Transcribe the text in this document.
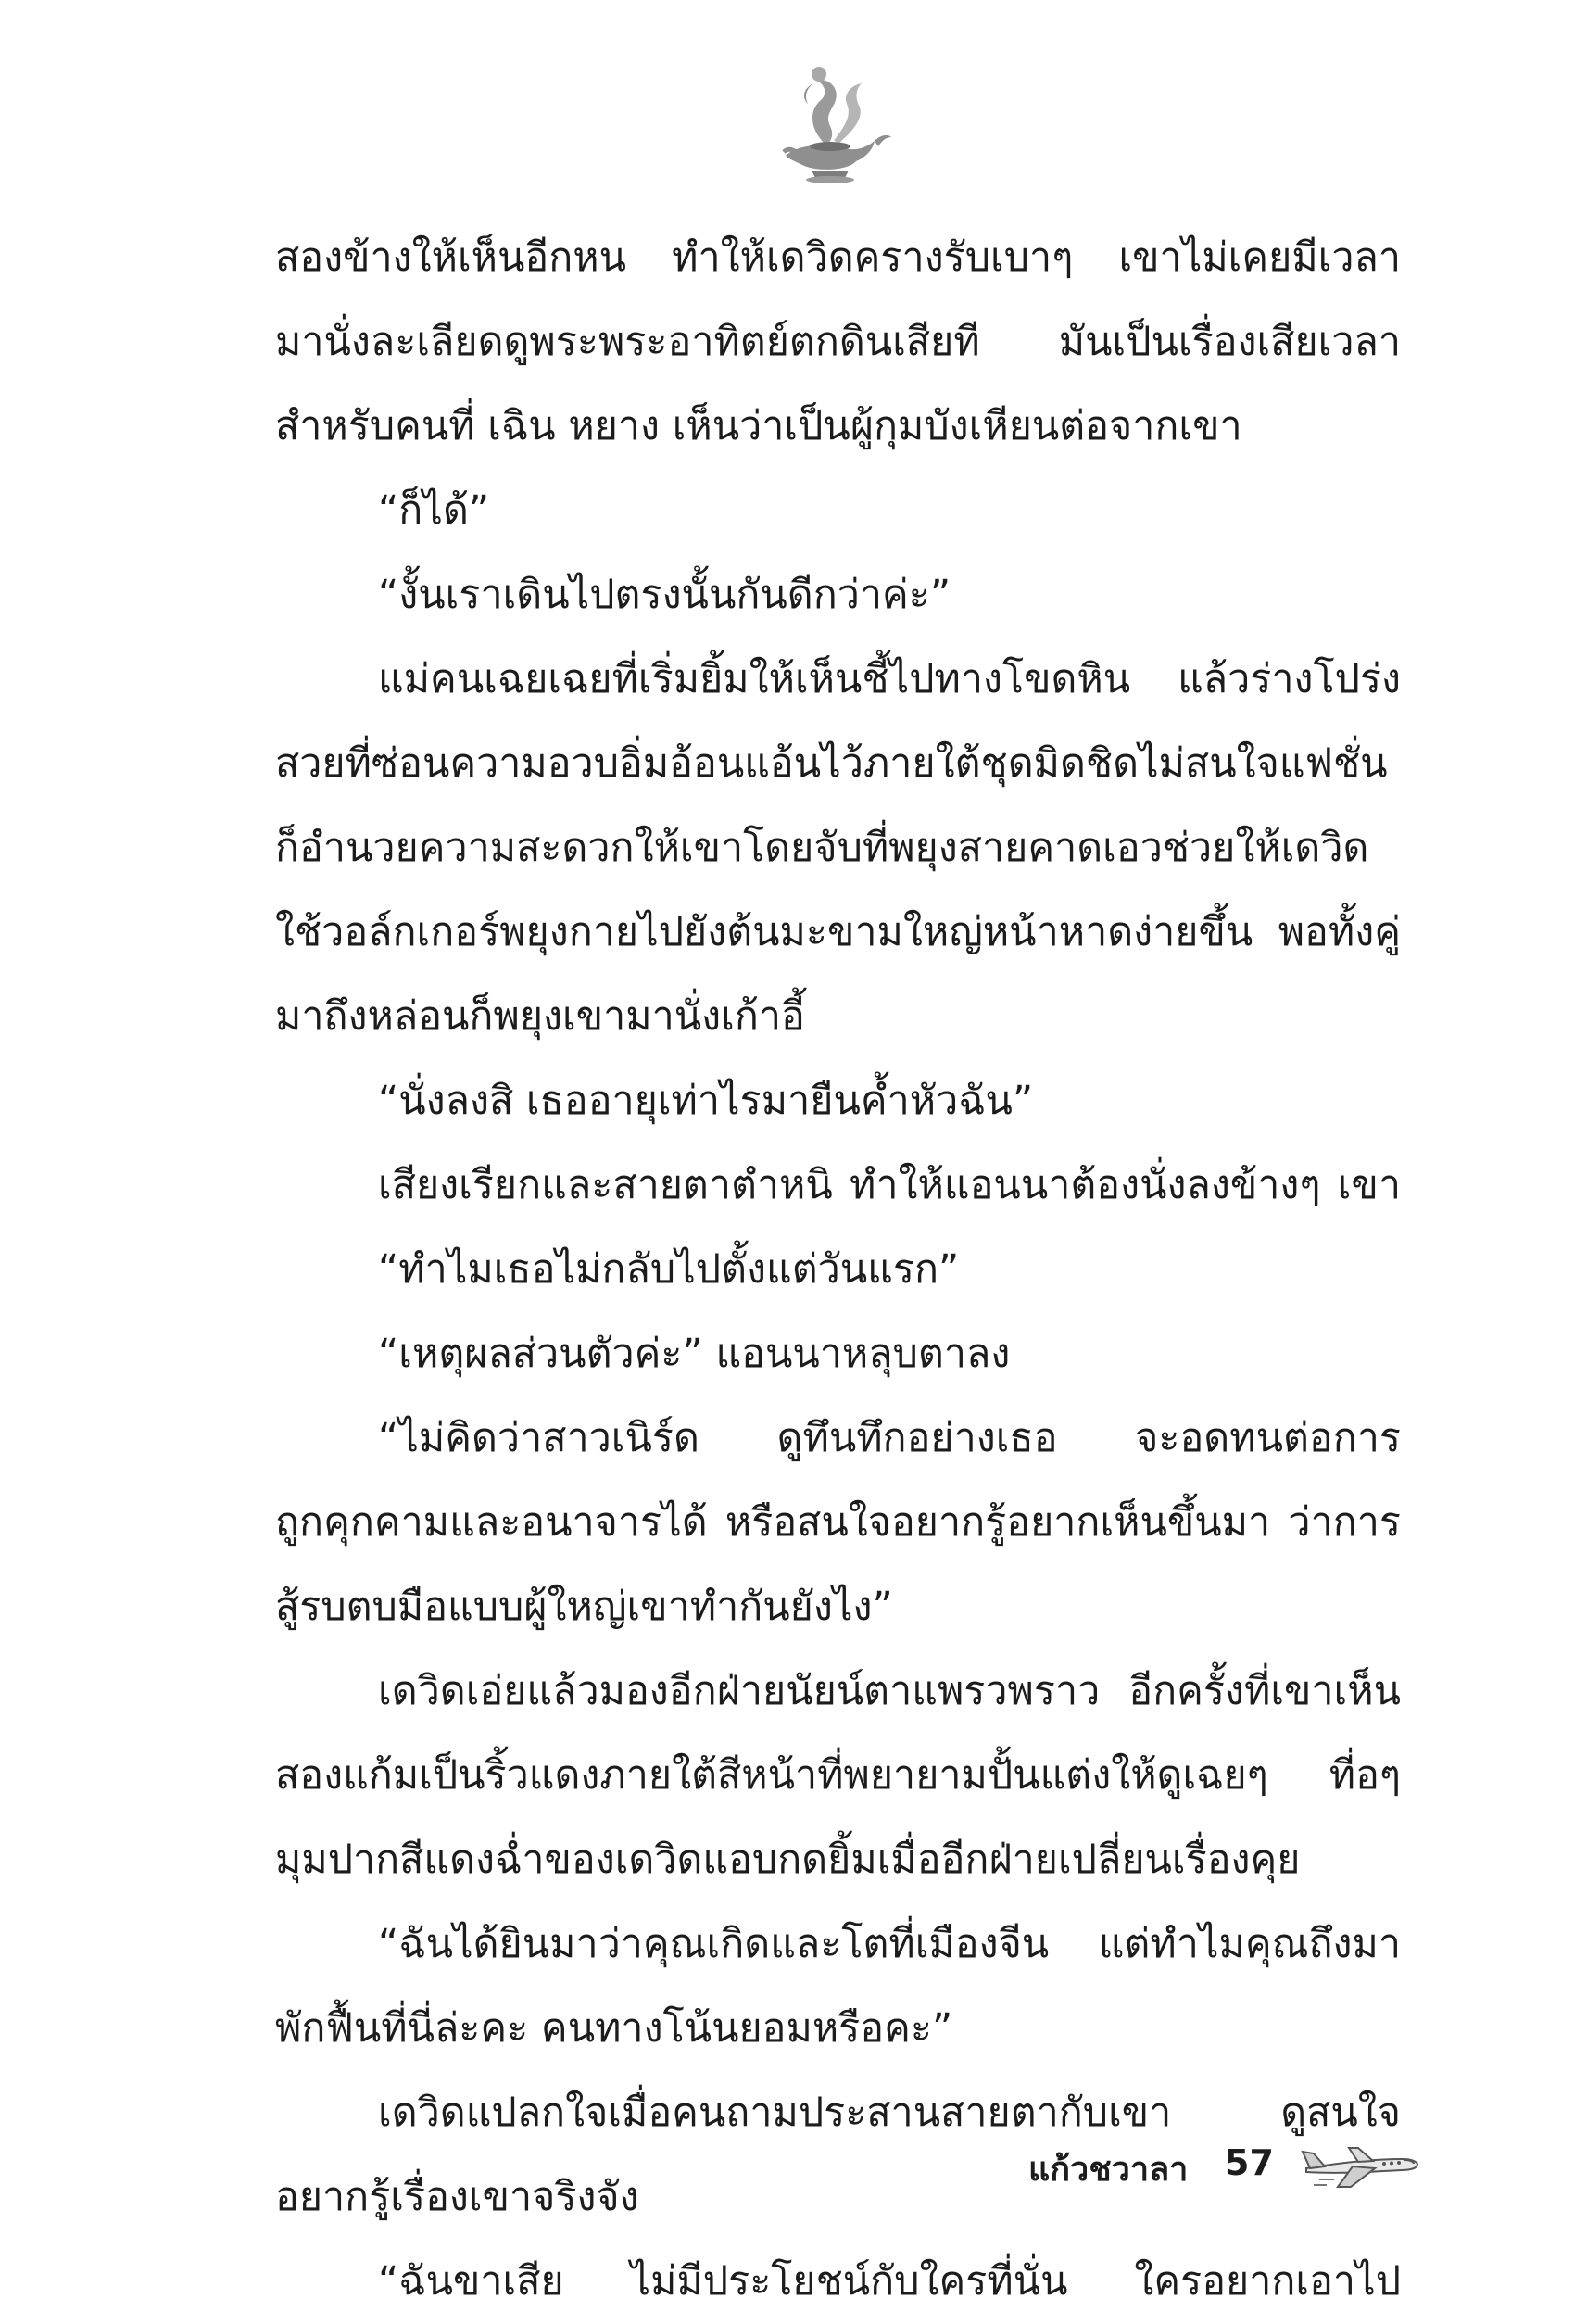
สองข้างให้เห็นอีกหน ทำให้เดวิดครางรับเบาๆ เขาไม่เคยมีเวลา

มานั่งละเลียดดูพระพระอาทิตย์ตกดินเสียที มันเป็นเรื่องเสียเวลา

สำหรับคนที่ เฉิน หยาง เห็นว่าเป็นผู้กุมบังเหียนต่อจากเขา

“ก็ได้”

“งั้นเราเดินไปตรงนั้นกันดีกว่าค่ะ”

แม่คนเฉยเฉยที่เริ่มยิ้มให้เห็นชี้ไปทางโขดหิน แล้วร่างโปร่ง

สวยที่ซ่อนความอวบอิ่มอ้อนแอ้นไว้ภายใต้ชุดมิดชิดไม่สนใจแฟชั่น

ก็อำนวยความสะดวกให้เขาโดยจับที่พยุงสายคาดเอวช่วยให้เดวิด

ใช้วอล์กเกอร์พยุงกายไปยังต้นมะขามใหญ่หน้าหาดง่ายขึ้น พอทั้งคู่

มาถึงหล่อนก็พยุงเขามานั่งเก้าอี้

“นั่งลงสิ เธออายุเท่าไรมายืนค้ำหัวฉัน”

เสียงเรียกและสายตาตำหนิ ทำให้แอนนาต้องนั่งลงข้างๆ เขา

“ทำไมเธอไม่กลับไปตั้งแต่วันแรก”

“เหตุผลส่วนตัวค่ะ” แอนนาหลุบตาลง

“ไม่คิดว่าสาวเนิร์ด ดูทึนทึกอย่างเธอ จะอดทนต่อการ

ถูกคุกคามและอนาจารได้ หรือสนใจอยากรู้อยากเห็นขึ้นมา ว่าการ

สู้รบตบมือแบบผู้ใหญ่เขาทำกันยังไง”

เดวิดเอ่ยแล้วมองอีกฝ่ายนัยน์ตาแพรวพราว อีกครั้งที่เขาเห็น

สองแก้มเป็นริ้วแดงภายใต้สีหน้าที่พยายามปั้นแต่งให้ดูเฉยๆ ที่อๆ

มุมปากสีแดงฉ่ำของเดวิดแอบกดยิ้มเมื่ออีกฝ่ายเปลี่ยนเรื่องคุย

“ฉันได้ยินมาว่าคุณเกิดและโตที่เมืองจีน แต่ทำไมคุณถึงมา

พักฟื้นที่นี่ล่ะคะ คนทางโน้นยอมหรือคะ”

เดวิดแปลกใจเมื่อคนถามประสานสายตากับเขา ดูสนใจ

อยากรู้เรื่องเขาจริงจัง

“ฉันขาเสีย ไม่มีประโยชน์กับใครที่นั่น ใครอยากเอาไป

แก้วชวาลา 57
